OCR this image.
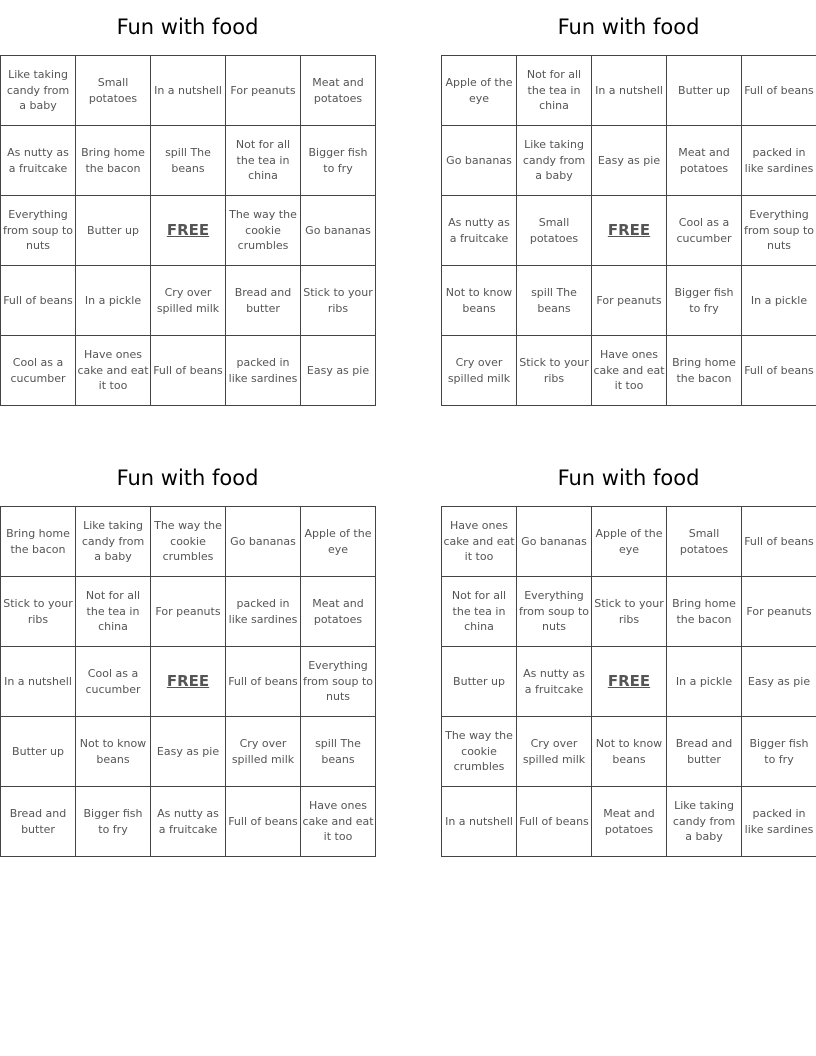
Fun with food
Like taking candy from a baby	Small potatoes	In a nutshell	For peanuts	Meat and potatoes
As nutty as a fruitcake	Bring home the bacon	spill The beans	Not for all the tea in china	Bigger fish to fry
Everything from soup to nuts	Butter up	FREE	The way the cookie crumbles	Go bananas
Full of beans	In a pickle	Cry over spilled milk	Bread and butter	Stick to your ribs
Cool as a cucumber	Have ones cake and eat it too	Full of beans	packed in like sardines	Easy as pie
Fun with food
Apple of the eye	Not for all the tea in china	In a nutshell	Butter up	Full of beans
Go bananas	Like taking candy from a baby	Easy as pie	Meat and potatoes	packed in like sardines
As nutty as a fruitcake	Small potatoes	FREE	Cool as a cucumber	Everything from soup to nuts
Not to know beans	spill The beans	For peanuts	Bigger fish to fry	In a pickle
Cry over spilled milk	Stick to your ribs	Have ones cake and eat it too	Bring home the bacon	Full of beans
Fun with food
Bring home the bacon	Like taking candy from a baby	The way the cookie crumbles	Go bananas	Apple of the eye
Stick to your ribs	Not for all the tea in china	For peanuts	packed in like sardines	Meat and potatoes
In a nutshell	Cool as a cucumber	FREE	Full of beans	Everything from soup to nuts
Butter up	Not to know beans	Easy as pie	Cry over spilled milk	spill The beans
Bread and butter	Bigger fish to fry	As nutty as a fruitcake	Full of beans	Have ones cake and eat it too
Fun with food
Have ones cake and eat it too	Go bananas	Apple of the eye	Small potatoes	Full of beans
Not for all the tea in china	Everything from soup to nuts	Stick to your ribs	Bring home the bacon	For peanuts
Butter up	As nutty as a fruitcake	FREE	In a pickle	Easy as pie
The way the cookie crumbles	Cry over spilled milk	Not to know beans	Bread and butter	Bigger fish to fry
In a nutshell	Full of beans	Meat and potatoes	Like taking candy from a baby	packed in like sardines
